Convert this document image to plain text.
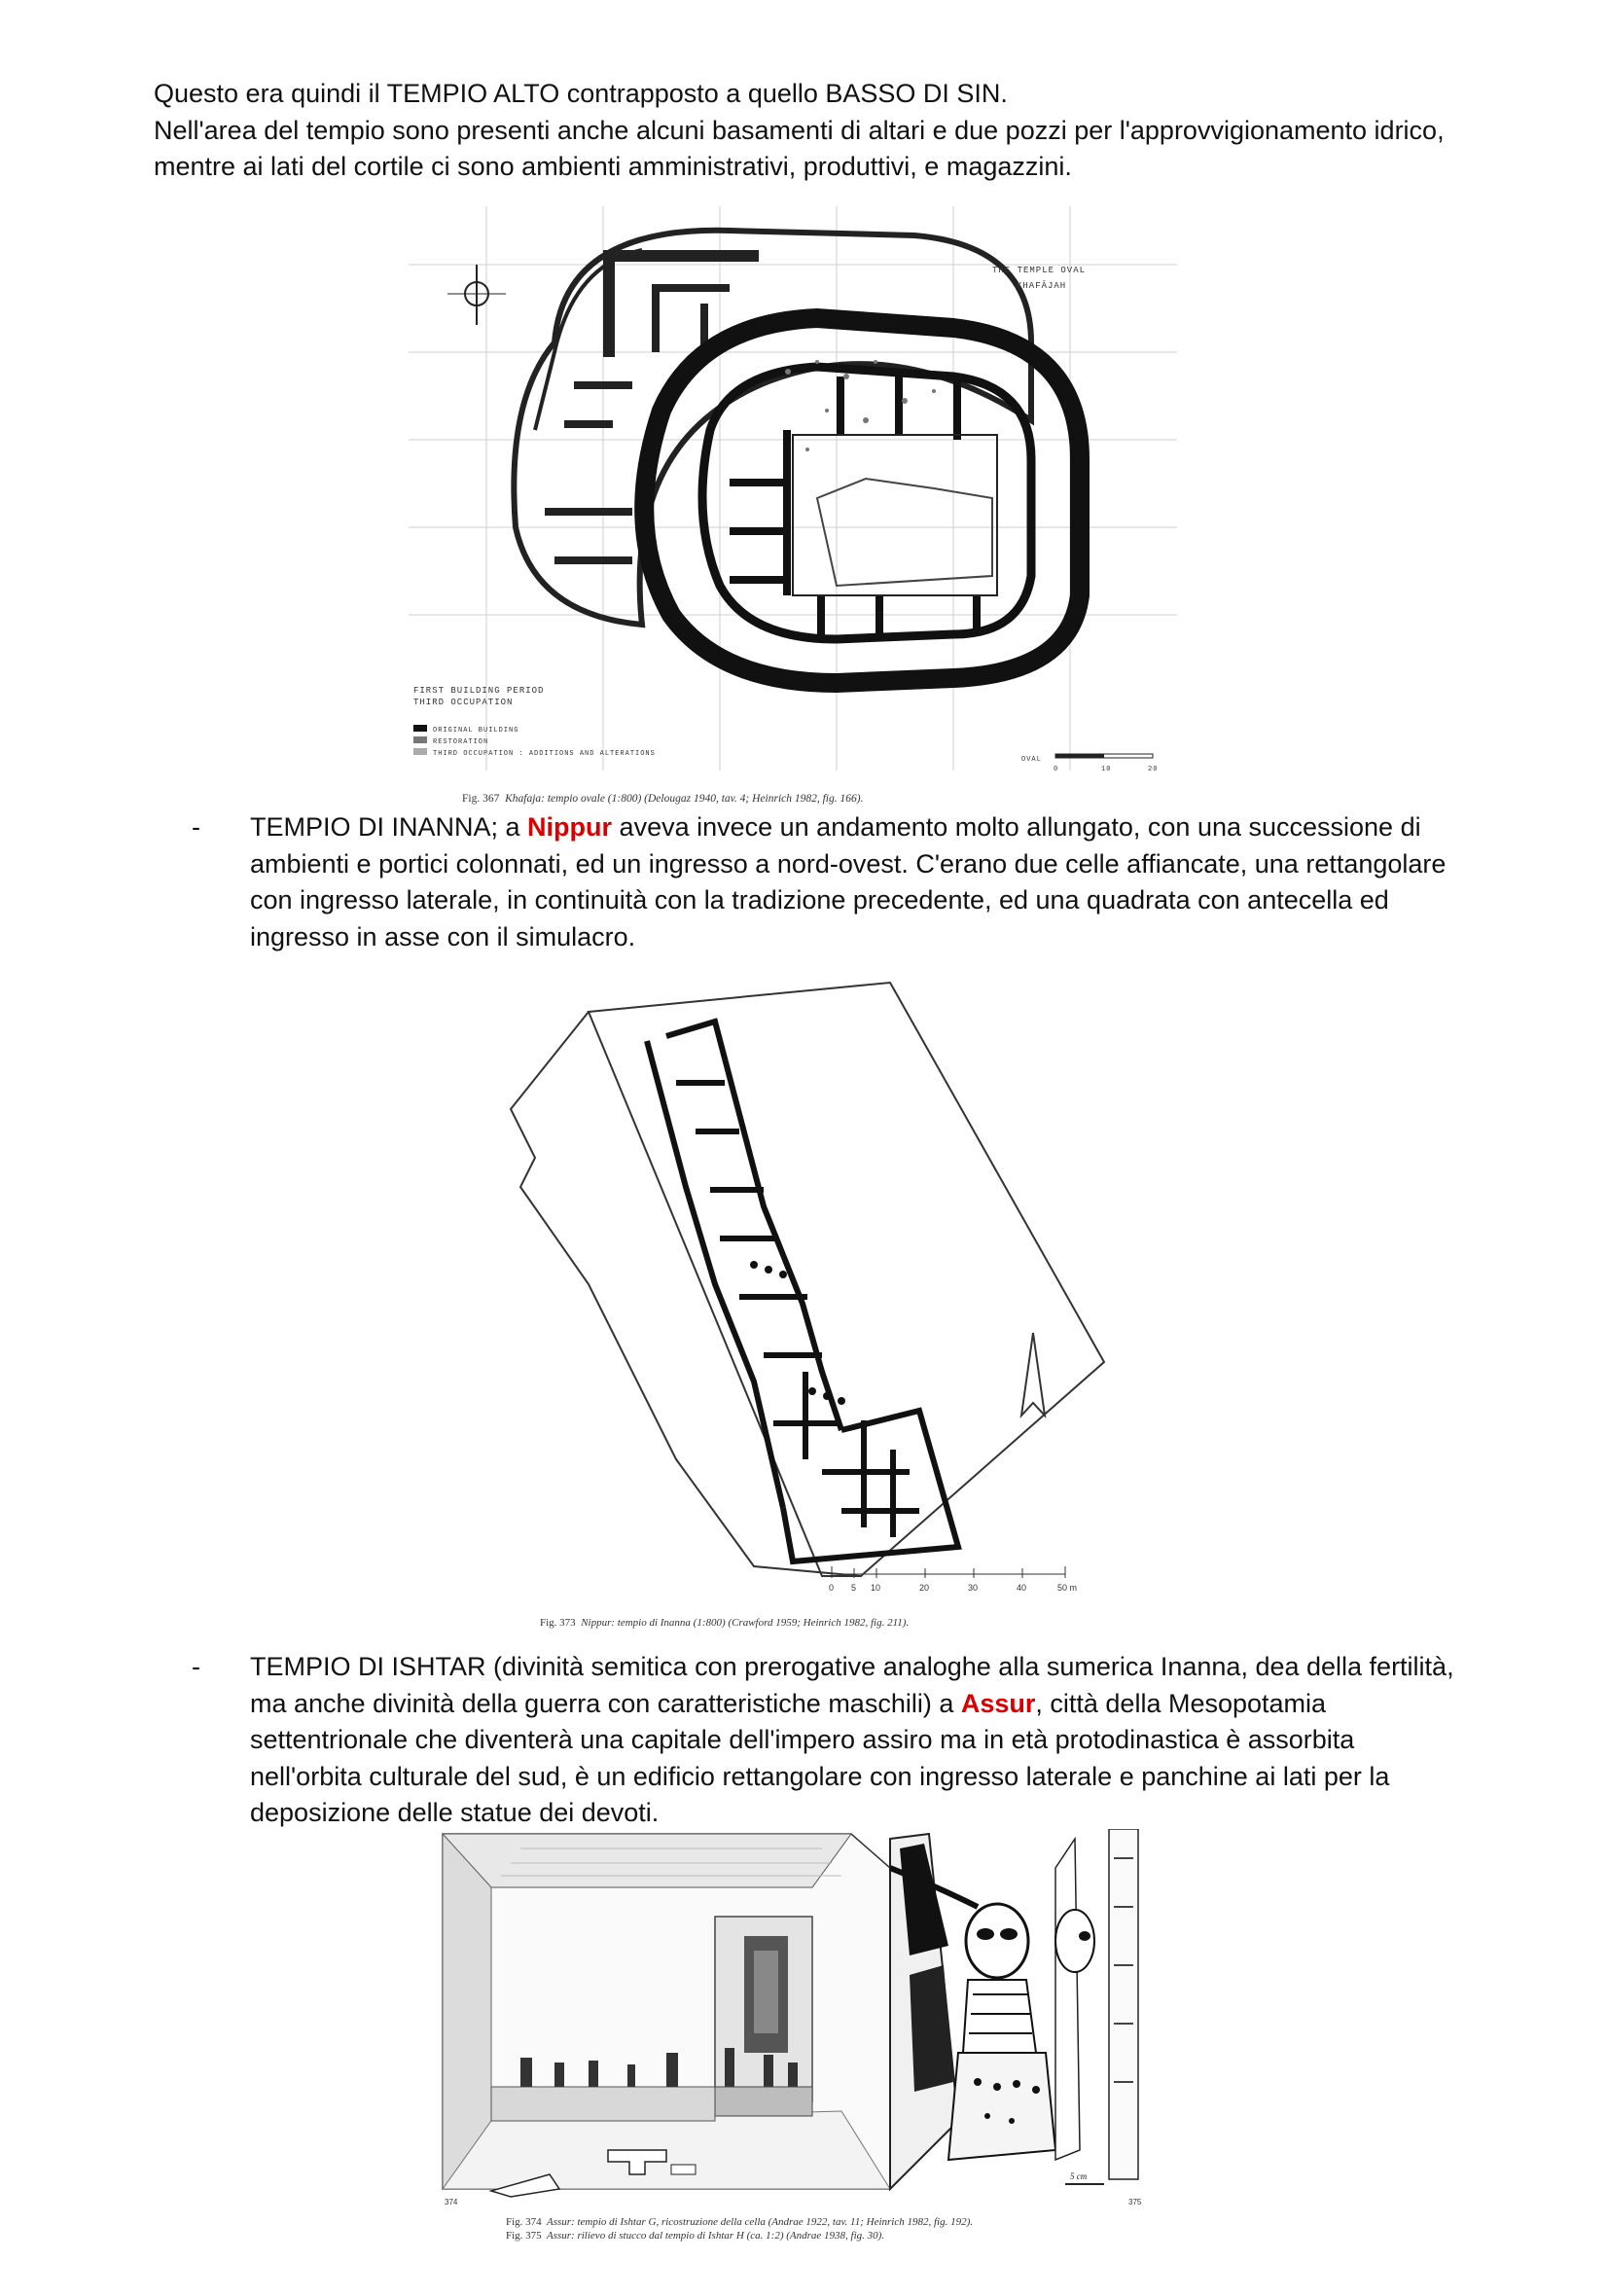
Questo era quindi il TEMPIO ALTO contrapposto a quello BASSO DI SIN.
Nell'area del tempio sono presenti anche alcuni basamenti di altari e due pozzi per l'approvvigionamento idrico, mentre ai lati del cortile ci sono ambienti amministrativi, produttivi, e magazzini.
THE TEMPLE OVAL
KHAFĀJAH
FIRST BUILDING PERIOD
THIRD OCCUPATION
ORIGINAL BUILDING
RESTORATION
THIRD OCCUPATION : ADDITIONS AND ALTERATIONS
OVAL
0	10	20
Fig. 367 Khafaja: tempio ovale (1:800) (Delougaz 1940, tav. 4; Heinrich 1982, fig. 166).
- TEMPIO DI INANNA; a Nippur aveva invece un andamento molto allungato, con una successione di ambienti e portici colonnati, ed un ingresso a nord-ovest. C'erano due celle affiancate, una rettangolare con ingresso laterale, in continuità con la tradizione precedente, ed una quadrata con antecella ed ingresso in asse con il simulacro.
0 5 10	20	30	40	50 m
Fig. 373 Nippur: tempio di Inanna (1:800) (Crawford 1959; Heinrich 1982, fig. 211).
- TEMPIO DI ISHTAR (divinità semitica con prerogative analoghe alla sumerica Inanna, dea della fertilità, ma anche divinità della guerra con caratteristiche maschili) a Assur, città della Mesopotamia settentrionale che diventerà una capitale dell'impero assiro ma in età protodinastica è assorbita nell'orbita culturale del sud, è un edificio rettangolare con ingresso laterale e panchine ai lati per la deposizione delle statue dei devoti.
5 cm
374	375
Fig. 374 Assur: tempio di Ishtar G, ricostruzione della cella (Andrae 1922, tav. 11; Heinrich 1982, fig. 192).
Fig. 375 Assur: rilievo di stucco dal tempio di Ishtar H (ca. 1:2) (Andrae 1938, fig. 30).
